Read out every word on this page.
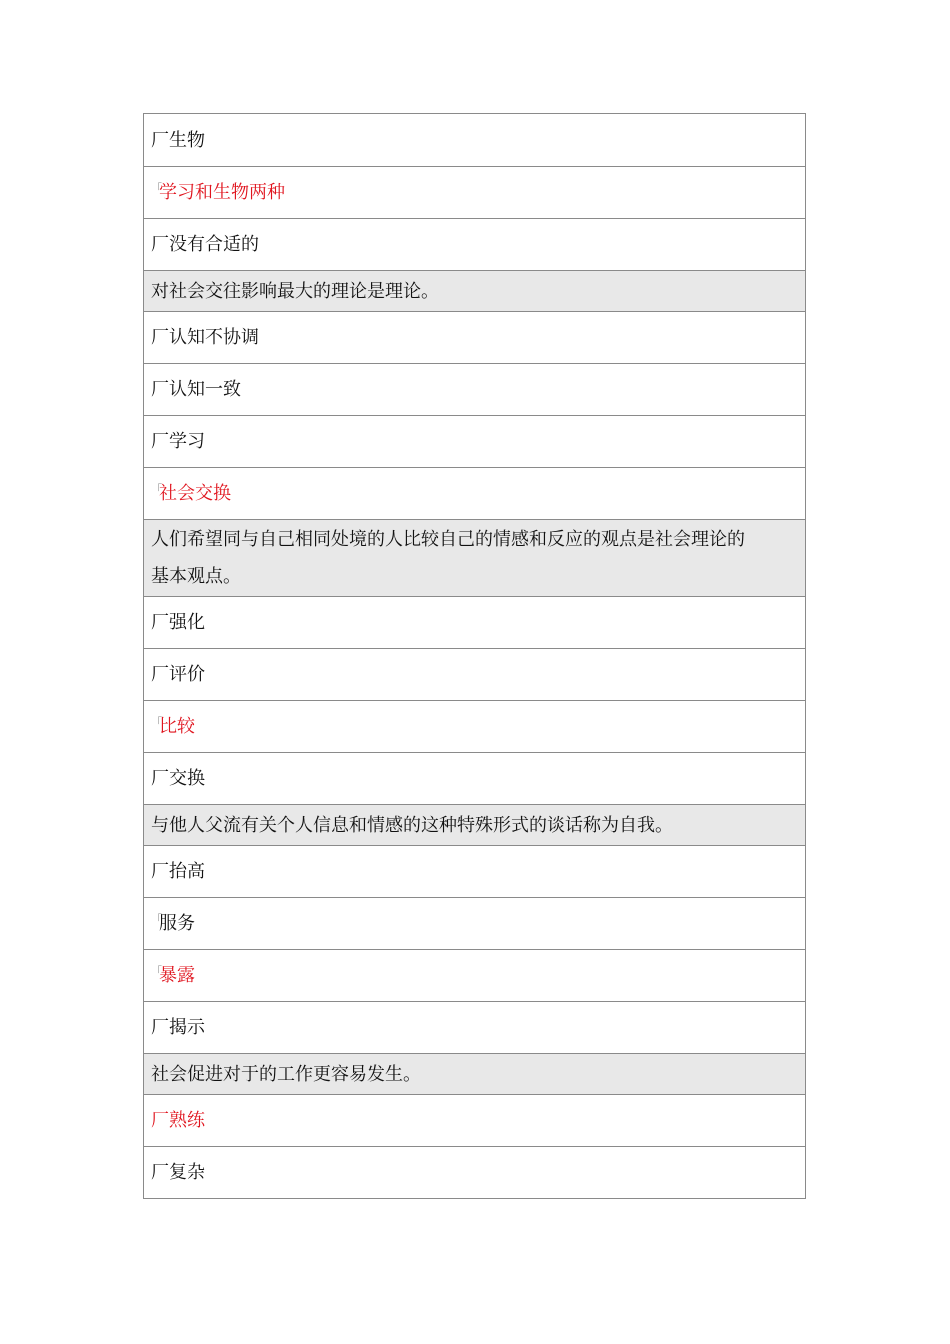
厂生物
「
学习和生物两种
厂没有合适的
对社会交往影响最大的理论是理论。
厂认知不协调
厂认知一致
厂学习
「
社会交换
人们希望同与自己相同处境的人比较自己的情感和反应的观点是社会理论的基本观点。
厂强化
厂评价
「
比较
厂交换
与他人父流有关个人信息和情感的这种特殊形式的谈话称为自我。
厂抬高
「
服务
「
暴露
厂揭示
社会促进对于的工作更容易发生。
厂熟练
厂复杂
